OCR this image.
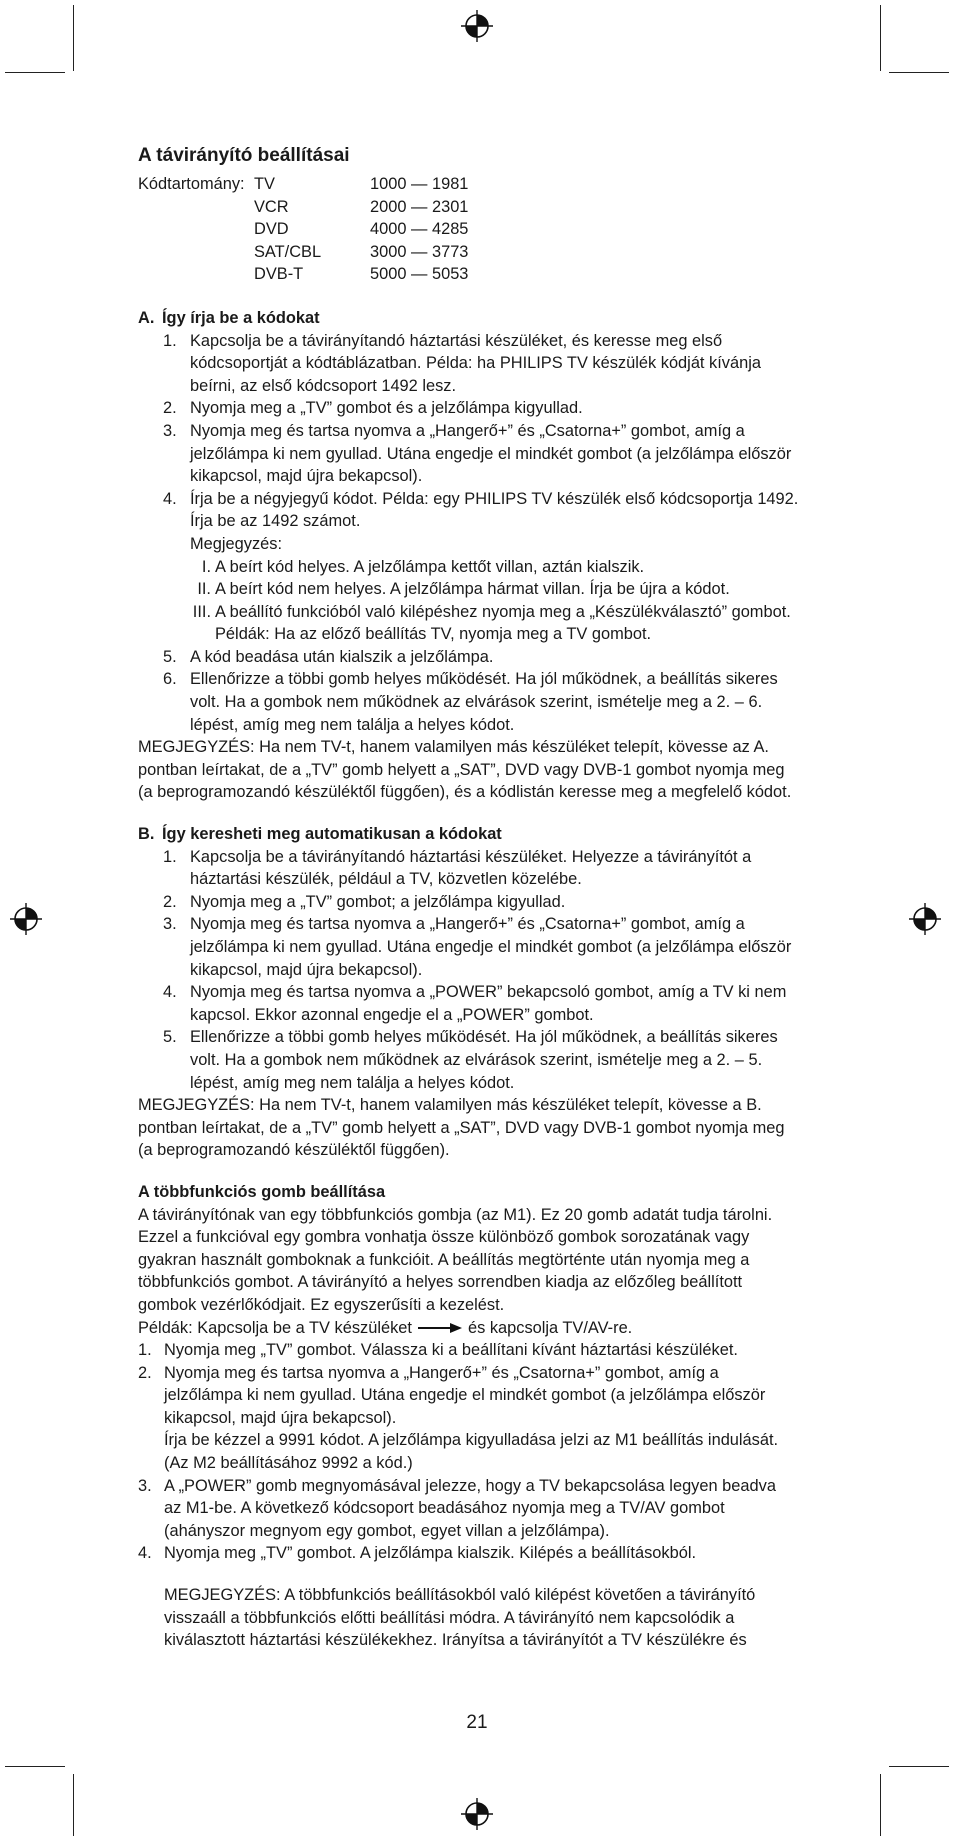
A távirányító beállításai
Kódtartomány: TV	1000 — 1981
VCR	2000 — 2301
DVD	4000 — 4285
SAT/CBL	3000 — 3773
DVB-T	5000 — 5053
A. Így írja be a kódokat
1. Kapcsolja be a távirányítandó háztartási készüléket, és keresse meg első
kódcsoportját a kódtáblázatban. Példa: ha PHILIPS TV készülék kódját kívánja
beírni, az első kódcsoport 1492 lesz.
2. Nyomja meg a „TV” gombot és a jelzőlámpa kigyullad.
3. Nyomja meg és tartsa nyomva a „Hangerő+” és „Csatorna+” gombot, amíg a
jelzőlámpa ki nem gyullad. Utána engedje el mindkét gombot (a jelzőlámpa először
kikapcsol, majd újra bekapcsol).
4. Írja be a négyjegyű kódot. Példa: egy PHILIPS TV készülék első kódcsoportja 1492.
Írja be az 1492 számot.
Megjegyzés:
I. A beírt kód helyes. A jelzőlámpa kettőt villan, aztán kialszik.
II. A beírt kód nem helyes. A jelzőlámpa hármat villan. Írja be újra a kódot.
III. A beállító funkcióból való kilépéshez nyomja meg a „Készülékválasztó” gombot.
Példák: Ha az előző beállítás TV, nyomja meg a TV gombot.
5. A kód beadása után kialszik a jelzőlámpa.
6. Ellenőrizze a többi gomb helyes működését. Ha jól működnek, a beállítás sikeres
volt. Ha a gombok nem működnek az elvárások szerint, ismételje meg a 2. – 6.
lépést, amíg meg nem találja a helyes kódot.
MEGJEGYZÉS: Ha nem TV-t, hanem valamilyen más készüléket telepít, kövesse az A.
pontban leírtakat, de a „TV” gomb helyett a „SAT”, DVD vagy DVB-1 gombot nyomja meg
(a beprogramozandó készüléktől függően), és a kódlistán keresse meg a megfelelő kódot.
B. Így keresheti meg automatikusan a kódokat
1. Kapcsolja be a távirányítandó háztartási készüléket. Helyezze a távirányítót a
háztartási készülék, például a TV, közvetlen közelébe.
2. Nyomja meg a „TV” gombot; a jelzőlámpa kigyullad.
3. Nyomja meg és tartsa nyomva a „Hangerő+” és „Csatorna+” gombot, amíg a
jelzőlámpa ki nem gyullad. Utána engedje el mindkét gombot (a jelzőlámpa először
kikapcsol, majd újra bekapcsol).
4. Nyomja meg és tartsa nyomva a „POWER” bekapcsoló gombot, amíg a TV ki nem
kapcsol. Ekkor azonnal engedje el a „POWER” gombot.
5. Ellenőrizze a többi gomb helyes működését. Ha jól működnek, a beállítás sikeres
volt. Ha a gombok nem működnek az elvárások szerint, ismételje meg a 2. – 5.
lépést, amíg meg nem találja a helyes kódot.
MEGJEGYZÉS: Ha nem TV-t, hanem valamilyen más készüléket telepít, kövesse a B.
pontban leírtakat, de a „TV” gomb helyett a „SAT”, DVD vagy DVB-1 gombot nyomja meg
(a beprogramozandó készüléktől függően).
A többfunkciós gomb beállítása
A távirányítónak van egy többfunkciós gombja (az M1). Ez 20 gomb adatát tudja tárolni.
Ezzel a funkcióval egy gombra vonhatja össze különböző gombok sorozatának vagy
gyakran használt gomboknak a funkcióit. A beállítás megtörténte után nyomja meg a
többfunkciós gombot. A távirányító a helyes sorrendben kiadja az előzőleg beállított
gombok vezérlőkódjait. Ez egyszerűsíti a kezelést.
Példák: Kapcsolja be a TV készüléket	és kapcsolja TV/AV-re.
1. Nyomja meg „TV” gombot. Válassza ki a beállítani kívánt háztartási készüléket.
2. Nyomja meg és tartsa nyomva a „Hangerő+” és „Csatorna+” gombot, amíg a
jelzőlámpa ki nem gyullad. Utána engedje el mindkét gombot (a jelzőlámpa először
kikapcsol, majd újra bekapcsol).
Írja be kézzel a 9991 kódot. A jelzőlámpa kigyulladása jelzi az M1 beállítás indulását.
(Az M2 beállításához 9992 a kód.)
3. A „POWER” gomb megnyomásával jelezze, hogy a TV bekapcsolása legyen beadva
az M1-be. A következő kódcsoport beadásához nyomja meg a TV/AV gombot
(ahányszor megnyom egy gombot, egyet villan a jelzőlámpa).
4. Nyomja meg „TV” gombot. A jelzőlámpa kialszik. Kilépés a beállításokból.
MEGJEGYZÉS: A többfunkciós beállításokból való kilépést követően a távirányító
visszaáll a többfunkciós előtti beállítási módra. A távirányító nem kapcsolódik a
kiválasztott háztartási készülékekhez. Irányítsa a távirányítót a TV készülékre és
21
